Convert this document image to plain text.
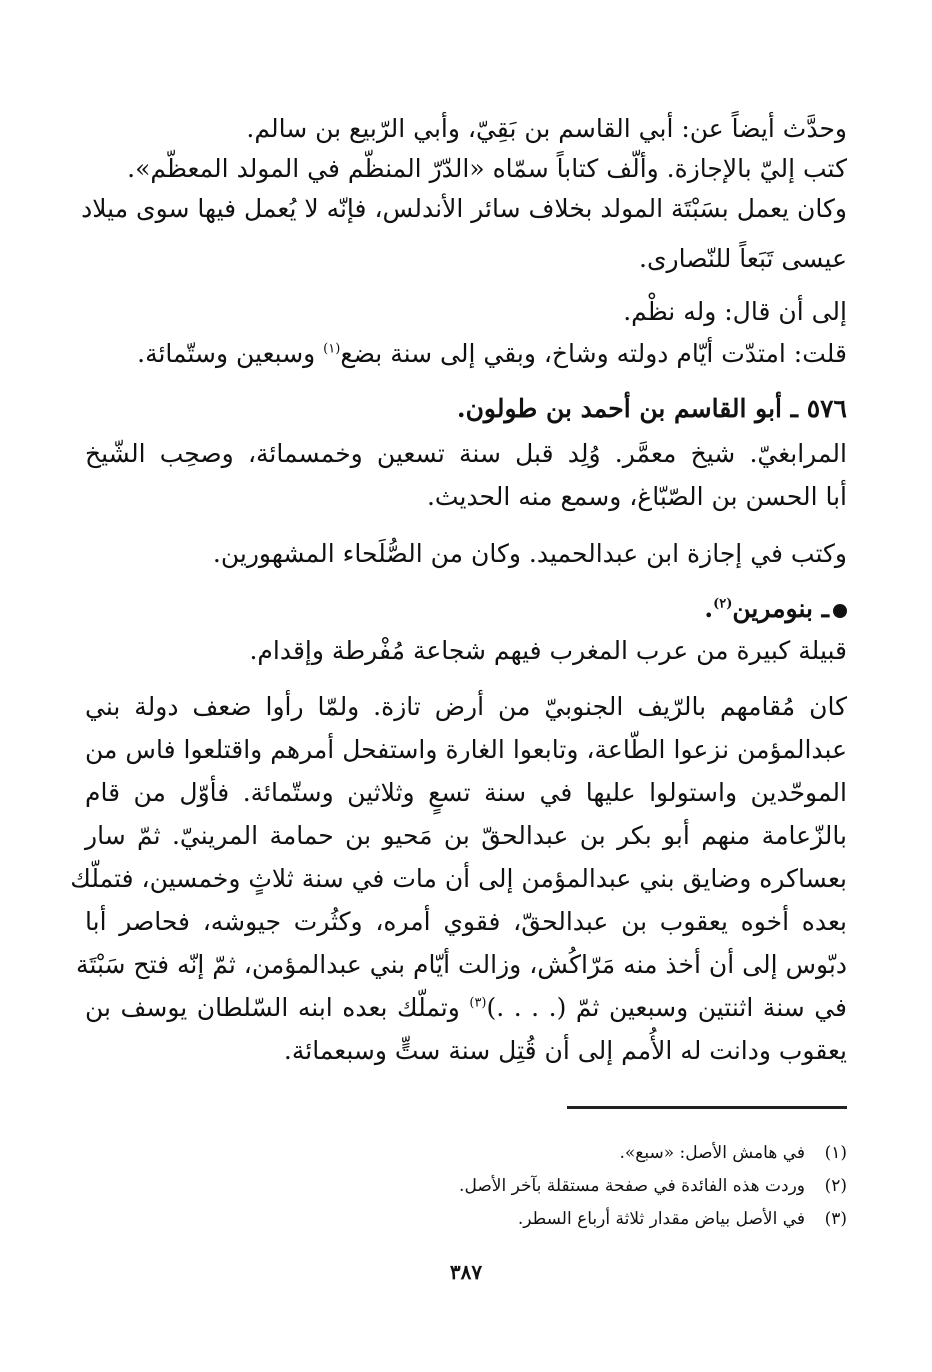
وحدَّث أيضاً عن: أبي القاسم بن بَقِيّ، وأبي الرّبيع بن سالم.
كتب إليّ بالإجازة. وألّف كتاباً سمّاه «الدّرّ المنظّم في المولد المعظّم».
وكان يعمل بسَبْتَة المولد بخلاف سائر الأندلس، فإنّه لا يُعمل فيها سوى ميلاد
عيسى تَبَعاً للنّصارى.
إلى أن قال: وله نظْم.
قلت: امتدّت أيّام دولته وشاخ، وبقي إلى سنة بضع$^{(١)}$ وسبعين وستّمائة.
٥٧٦ ـ أبو القاسم بن أحمد بن طولون.
المرابغيّ. شيخ معمَّر. وُلِد قبل سنة تسعين وخمسمائة، وصحِب الشّيخ
أبا الحسن بن الصّبّاغ، وسمع منه الحديث.
وكتب في إجازة ابن عبدالحميد. وكان من الصُّلَحاء المشهورين.
ـ بنومرين$^{(٢)}$.
قبيلة كبيرة من عرب المغرب فيهم شجاعة مُفْرطة وإقدام.
كان مُقامهم بالرّيف الجنوبيّ من أرض تازة. ولمّا رأوا ضعف دولة بني
عبدالمؤمن نزعوا الطّاعة، وتابعوا الغارة واستفحل أمرهم واقتلعوا فاس من
الموحّدين واستولوا عليها في سنة تسعٍ وثلاثين وستّمائة. فأوّل من قام
بالزّعامة منهم أبو بكر بن عبدالحقّ بن مَحيو بن حمامة المرينيّ. ثمّ سار
بعساكره وضايق بني عبدالمؤمن إلى أن مات في سنة ثلاثٍ وخمسين، فتملّك
بعده أخوه يعقوب بن عبدالحقّ، فقوي أمره، وكثُرت جيوشه، فحاصر أبا
دبّوس إلى أن أخذ منه مَرّاكُش، وزالت أيّام بني عبدالمؤمن، ثمّ إنّه فتح سَبْتَة
في سنة اثنتين وسبعين ثمّ (. . . .)$^{(٣)}$ وتملّك بعده ابنه السّلطان يوسف بن
يعقوب ودانت له الأُمم إلى أن قُتِل سنة ستٍّ وسبعمائة.
(١)في هامش الأصل: «سبع».
(٢)وردت هذه الفائدة في صفحة مستقلة بآخر الأصل.
(٣)في الأصل بياض مقدار ثلاثة أرباع السطر.
٣٨٧
